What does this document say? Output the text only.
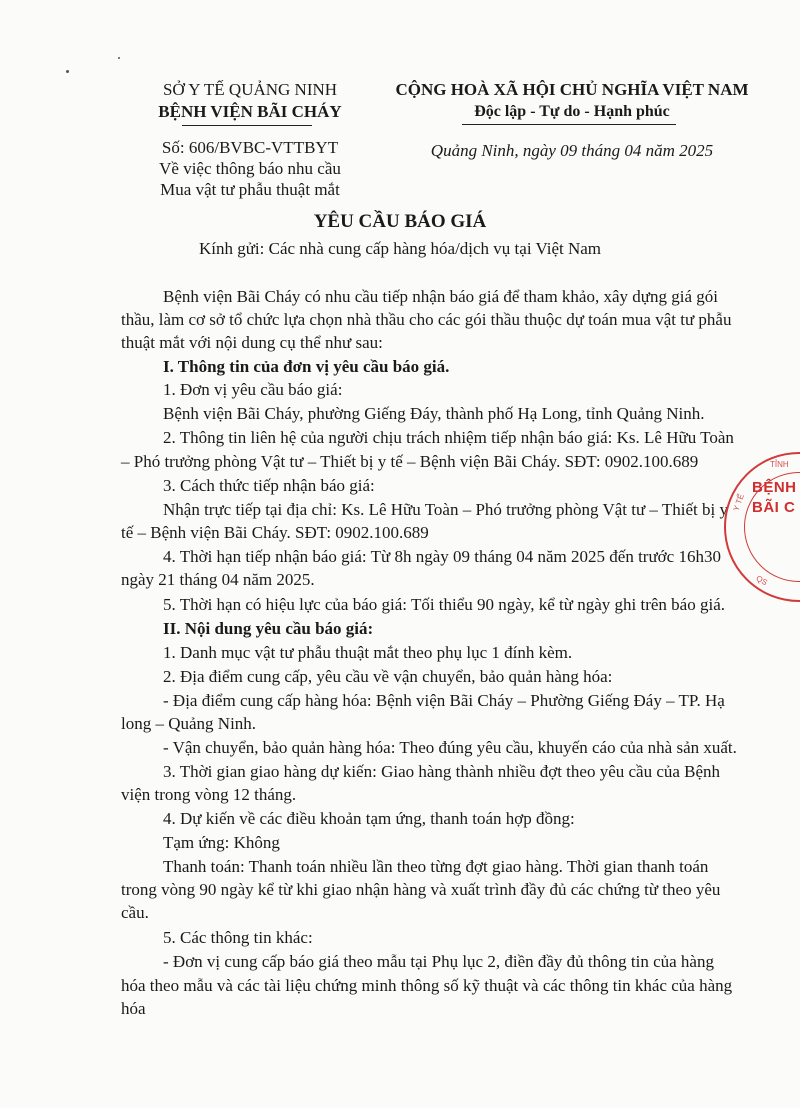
SỞ Y TẾ QUẢNG NINH
BỆNH VIỆN BÃI CHÁY
Số: 606/BVBC-VTTBYT
Về việc thông báo nhu cầu
Mua vật tư phẫu thuật mắt
CỘNG HOÀ XÃ HỘI CHỦ NGHĨA VIỆT NAM
Độc lập - Tự do - Hạnh phúc
Quảng Ninh, ngày 09 tháng 04 năm 2025
YÊU CẦU BÁO GIÁ
Kính gửi: Các nhà cung cấp hàng hóa/dịch vụ tại Việt Nam
Bệnh viện Bãi Cháy có nhu cầu tiếp nhận báo giá để tham khảo, xây dựng giá gói
thầu, làm cơ sở tổ chức lựa chọn nhà thầu cho các gói thầu thuộc dự toán mua vật tư phẫu
thuật mắt với nội dung cụ thể như sau:
I. Thông tin của đơn vị yêu cầu báo giá.
1. Đơn vị yêu cầu báo giá:
Bệnh viện Bãi Cháy, phường Giếng Đáy, thành phố Hạ Long, tỉnh Quảng Ninh.
2. Thông tin liên hệ của người chịu trách nhiệm tiếp nhận báo giá: Ks. Lê Hữu Toàn
– Phó trưởng phòng Vật tư – Thiết bị y tế – Bệnh viện Bãi Cháy. SĐT: 0902.100.689
3. Cách thức tiếp nhận báo giá:
Nhận trực tiếp tại địa chỉ: Ks. Lê Hữu Toàn – Phó trưởng phòng Vật tư – Thiết bị y
tế – Bệnh viện Bãi Cháy. SĐT: 0902.100.689
4. Thời hạn tiếp nhận báo giá: Từ 8h ngày 09 tháng 04 năm 2025 đến trước 16h30
ngày 21 tháng 04 năm 2025.
5. Thời hạn có hiệu lực của báo giá: Tối thiểu 90 ngày, kể từ ngày ghi trên báo giá.
II. Nội dung yêu cầu báo giá:
1. Danh mục vật tư phẫu thuật mắt theo phụ lục 1 đính kèm.
2. Địa điểm cung cấp, yêu cầu về vận chuyển, bảo quản hàng hóa:
- Địa điểm cung cấp hàng hóa: Bệnh viện Bãi Cháy – Phường Giếng Đáy – TP. Hạ
long – Quảng Ninh.
- Vận chuyển, bảo quản hàng hóa: Theo đúng yêu cầu, khuyến cáo của nhà sản xuất.
3. Thời gian giao hàng dự kiến: Giao hàng thành nhiều đợt theo yêu cầu của Bệnh
viện trong vòng 12 tháng.
4. Dự kiến về các điều khoản tạm ứng, thanh toán hợp đồng:
Tạm ứng: Không
Thanh toán: Thanh toán nhiều lần theo từng đợt giao hàng. Thời gian thanh toán
trong vòng 90 ngày kể từ khi giao nhận hàng và xuất trình đầy đủ các chứng từ theo yêu
cầu.
5. Các thông tin khác:
- Đơn vị cung cấp báo giá theo mẫu tại Phụ lục 2, điền đầy đủ thông tin của hàng
hóa theo mẫu và các tài liệu chứng minh thông số kỹ thuật và các thông tin khác của hàng
hóa
BỆNH
BÃI C
TỈNH
Y TẾ
QS
